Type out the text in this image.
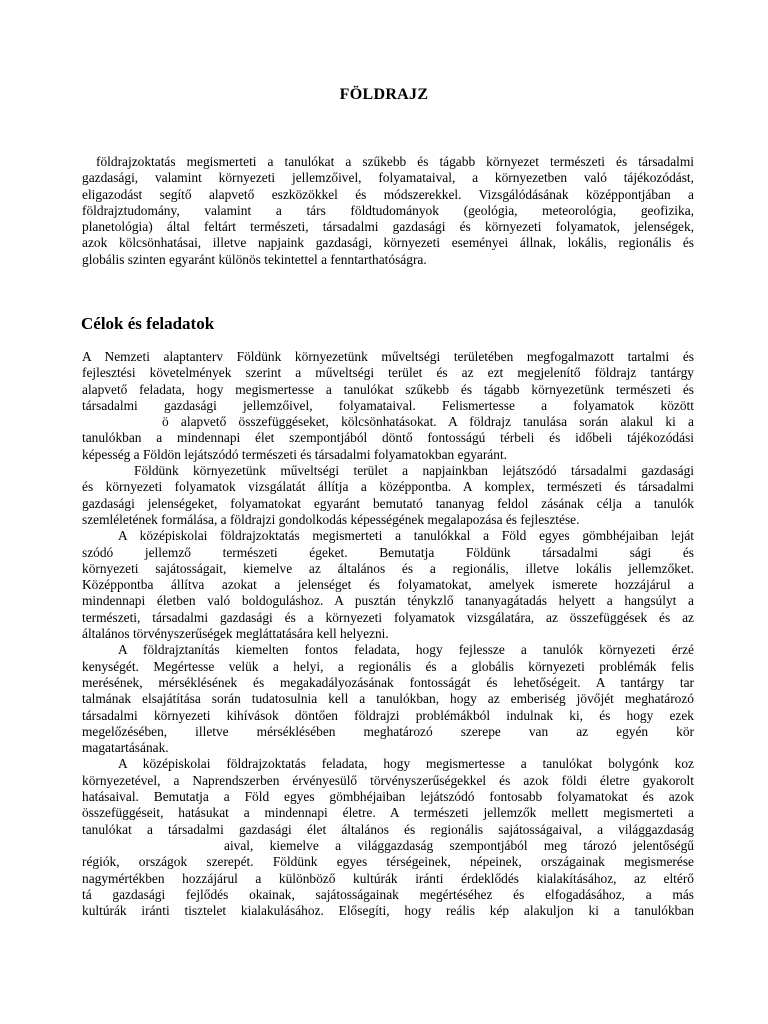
FÖLDRAJZ
földrajzoktatás megismerteti a tanulókat a szűkebb és tágabb környezet természeti és társadalmi
gazdasági, valamint környezeti jellemzőivel, folyamataival, a környezetben való tájékozódást,
eligazodást segítő alapvető eszközökkel és módszerekkel. Vizsgálódásának középpontjában a
földrajztudomány, valamint a társ földtudományok (geológia, meteorológia, geofizika,
planetológia) által feltárt természeti, társadalmi gazdasági és környezeti folyamatok, jelenségek,
azok kölcsönhatásai, illetve napjaink gazdasági, környezeti eseményei állnak, lokális, regionális és
globális szinten egyaránt különös tekintettel a fenntarthatóságra.
Célok és feladatok
A Nemzeti alaptanterv Földünk környezetünk műveltségi területében megfogalmazott tartalmi és
fejlesztési követelmények szerint a műveltségi terület és az ezt megjelenítő földrajz tantárgy
alapvető feladata, hogy megismertesse a tanulókat szűkebb és tágabb környezetünk természeti és
társadalmi gazdasági jellemzőivel, folyamataival. Felismertesse a folyamatok között
ö alapvető összefüggéseket, kölcsönhatásokat. A földrajz tanulása során alakul ki a
tanulókban a mindennapi élet szempontjából döntő fontosságú térbeli és időbeli tájékozódási
képesség a Földön lejátszódó természeti és társadalmi folyamatokban egyaránt.
Földünk környezetünk műveltségi terület a napjainkban lejátszódó társadalmi gazdasági
és környezeti folyamatok vizsgálatát állítja a középpontba. A komplex, természeti és társadalmi
gazdasági jelenségeket, folyamatokat egyaránt bemutató tananyag feldol zásának célja a tanulók
szemléletének formálása, a földrajzi gondolkodás képességének megalapozása és fejlesztése.
A középiskolai földrajzoktatás megismerteti a tanulókkal a Föld egyes gömbhéjaiban leját
szódó jellemző természeti égeket. Bemutatja Földünk társadalmi sági és
környezeti sajátosságait, kiemelve az általános és a regionális, illetve lokális jellemzőket.
Középpontba állítva azokat a jelenséget és folyamatokat, amelyek ismerete hozzájárul a
mindennapi életben való boldoguláshoz. A pusztán ténykzlő tananyagátadás helyett a hangsúlyt a
természeti, társadalmi gazdasági és a környezeti folyamatok vizsgálatára, az összefüggések és az
általános törvényszerűségek megláttatására kell helyezni.
A földrajztanítás kiemelten fontos feladata, hogy fejlessze a tanulók környezeti érzé
kenységét. Megértesse velük a helyi, a regionális és a globális környezeti problémák felis
merésének, mérséklésének és megakadályozásának fontosságát és lehetőségeit. A tantárgy tar
talmának elsajátítása során tudatosulnia kell a tanulókban, hogy az emberiség jövőjét meghatározó
társadalmi környezeti kihívások döntően földrajzi problémákból indulnak ki, és hogy ezek
megelőzésében, illetve mérséklésében meghatározó szerepe van az egyén kör
magatartásának.
A középiskolai földrajzoktatás feladata, hogy megismertesse a tanulókat bolygónk koz
környezetével, a Naprendszerben érvényesülő törvényszerűségekkel és azok földi életre gyakorolt
hatásaival. Bemutatja a Föld egyes gömbhéjaiban lejátszódó fontosabb folyamatokat és azok
összefüggéseit, hatásukat a mindennapi életre. A természeti jellemzők mellett megismerteti a
tanulókat a társadalmi gazdasági élet általános és regionális sajátosságaival, a világgazdaság
aival, kiemelve a világgazdaság szempontjából meg tározó jelentőségű
régiók, országok szerepét. Földünk egyes térségeinek, népeinek, országainak megismerése
nagymértékben hozzájárul a különböző kultúrák iránti érdeklődés kialakításához, az eltérő
tá gazdasági fejlődés okainak, sajátosságainak megértéséhez és elfogadásához, a más
kultúrák iránti tisztelet kialakulásához. Elősegíti, hogy reális kép alakuljon ki a tanulókban
